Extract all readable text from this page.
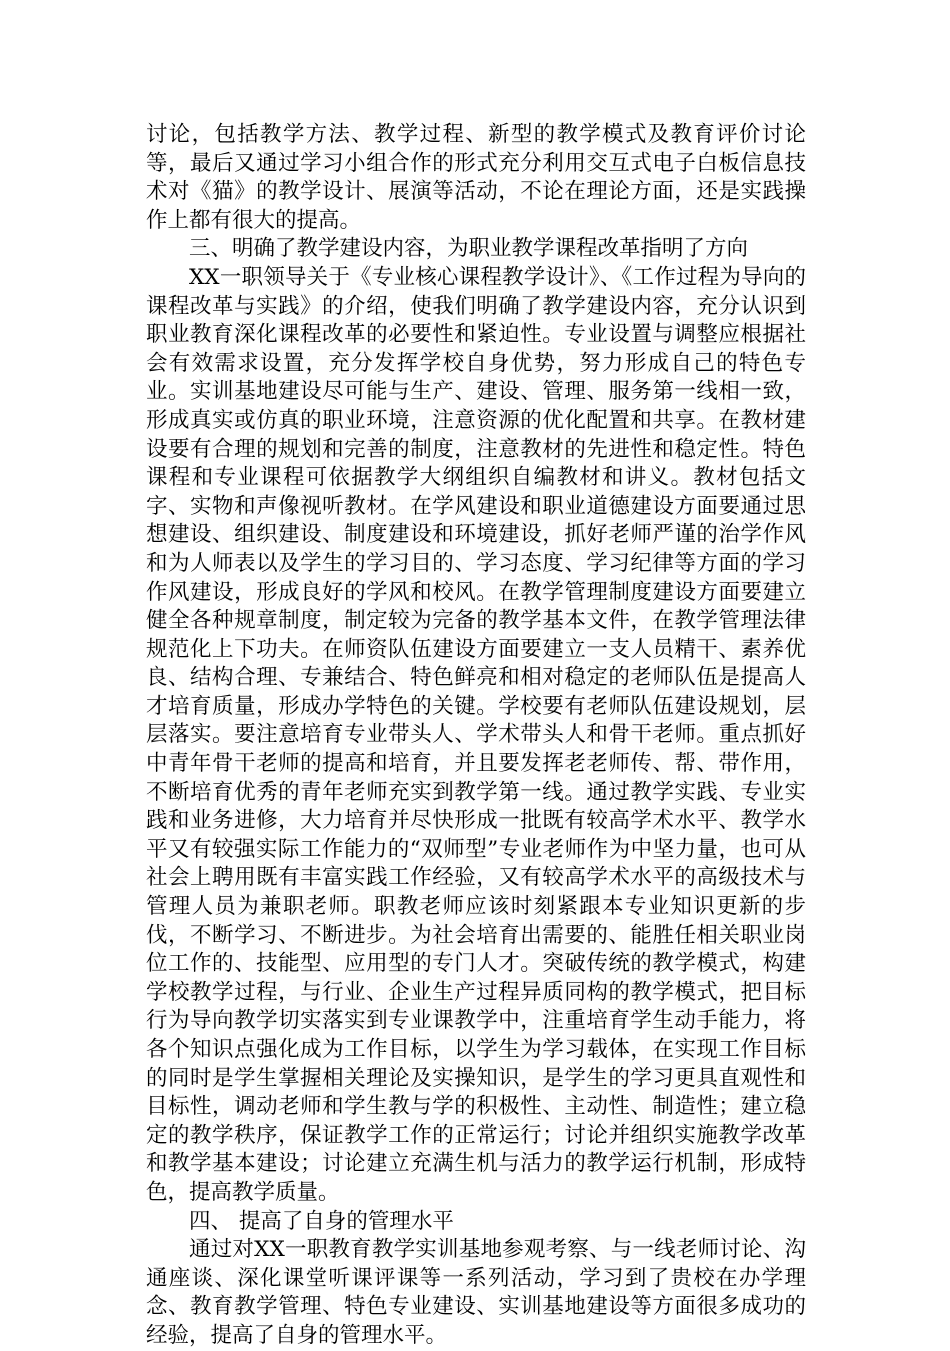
讨论，包括教学方法、教学过程、新型的教学模式及教育评价讨论等，最后又通过学习小组合作的形式充分利用交互式电子白板信息技术对《猫》的教学设计、展演等活动，不论在理论方面，还是实践操作上都有很大的提高。

三、明确了教学建设内容，为职业教学课程改革指明了方向

XX一职领导关于《专业核心课程教学设计》、《工作过程为导向的课程改革与实践》的介绍，使我们明确了教学建设内容，充分认识到职业教育深化课程改革的必要性和紧迫性。专业设置与调整应根据社会有效需求设置，充分发挥学校自身优势，努力形成自己的特色专业。实训基地建设尽可能与生产、建设、管理、服务第一线相一致，形成真实或仿真的职业环境，注意资源的优化配置和共享。在教材建设要有合理的规划和完善的制度，注意教材的先进性和稳定性。特色课程和专业课程可依据教学大纲组织自编教材和讲义。教材包括文字、实物和声像视听教材。在学风建设和职业道德建设方面要通过思想建设、组织建设、制度建设和环境建设，抓好老师严谨的治学作风和为人师表以及学生的学习目的、学习态度、学习纪律等方面的学习作风建设，形成良好的学风和校风。在教学管理制度建设方面要建立健全各种规章制度，制定较为完备的教学基本文件，在教学管理法律规范化上下功夫。在师资队伍建设方面要建立一支人员精干、素养优良、结构合理、专兼结合、特色鲜亮和相对稳定的老师队伍是提高人才培育质量，形成办学特色的关键。学校要有老师队伍建设规划，层层落实。要注意培育专业带头人、学术带头人和骨干老师。重点抓好中青年骨干老师的提高和培育，并且要发挥老老师传、帮、带作用，不断培育优秀的青年老师充实到教学第一线。通过教学实践、专业实践和业务进修，大力培育并尽快形成一批既有较高学术水平、教学水平又有较强实际工作能力的“双师型”专业老师作为中坚力量，也可从社会上聘用既有丰富实践工作经验，又有较高学术水平的高级技术与管理人员为兼职老师。职教老师应该时刻紧跟本专业知识更新的步伐，不断学习、不断进步。为社会培育出需要的、能胜任相关职业岗位工作的、技能型、应用型的专门人才。突破传统的教学模式，构建学校教学过程，与行业、企业生产过程异质同构的教学模式，把目标行为导向教学切实落实到专业课教学中，注重培育学生动手能力，将各个知识点强化成为工作目标，以学生为学习载体，在实现工作目标的同时是学生掌握相关理论及实操知识，是学生的学习更具直观性和目标性，调动老师和学生教与学的积极性、主动性、制造性；建立稳定的教学秩序，保证教学工作的正常运行；讨论并组织实施教学改革和教学基本建设；讨论建立充满生机与活力的教学运行机制，形成特色，提高教学质量。

四、 提高了自身的管理水平

通过对XX一职教育教学实训基地参观考察、与一线老师讨论、沟通座谈、深化课堂听课评课等一系列活动，学习到了贵校在办学理念、教育教学管理、特色专业建设、实训基地建设等方面很多成功的经验，提高了自身的管理水平。
